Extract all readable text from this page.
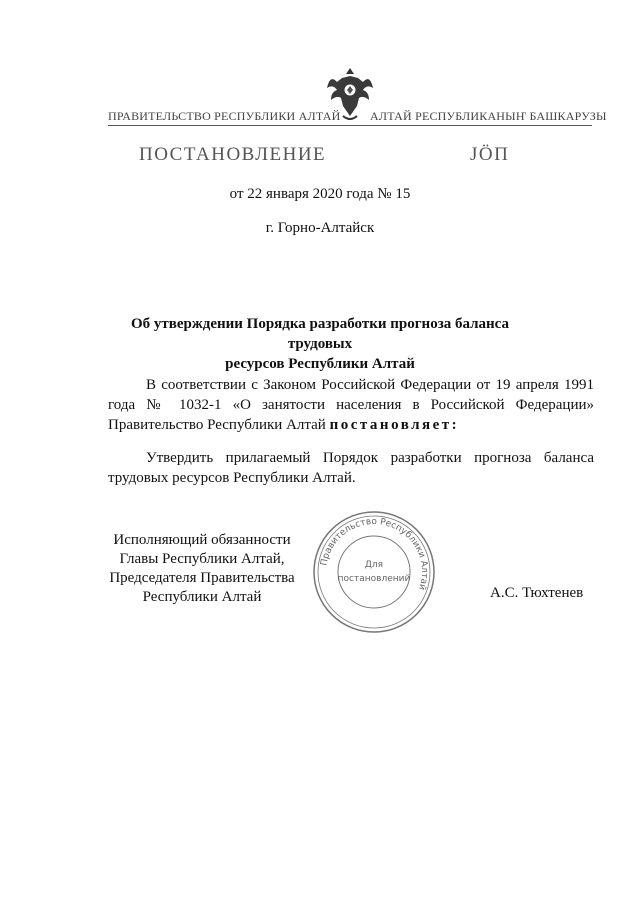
ПРАВИТЕЛЬСТВО РЕСПУБЛИКИ АЛТАЙ АЛТАЙ РЕСПУБЛИКАНЫҤ БАШКАРУЗЫ
ПОСТАНОВЛЕНИЕ	JӦП
от 22 января 2020 года № 15
г. Горно-Алтайск
Об утверждении Порядка разработки прогноза баланса трудовых
ресурсов Республики Алтай
В соответствии с Законом Российской Федерации от 19 апреля 1991 года № 1032-1 «О занятости населения в Российской Федерации» Правительство Республики Алтай постановляет:
Утвердить прилагаемый Порядок разработки прогноза баланса трудовых ресурсов Республики Алтай.
Исполняющий обязанности
Главы Республики Алтай,
Председателя Правительства
Республики Алтай
Правительство Республики Алтай
Для
постановлений
А.С. Тюхтенев
